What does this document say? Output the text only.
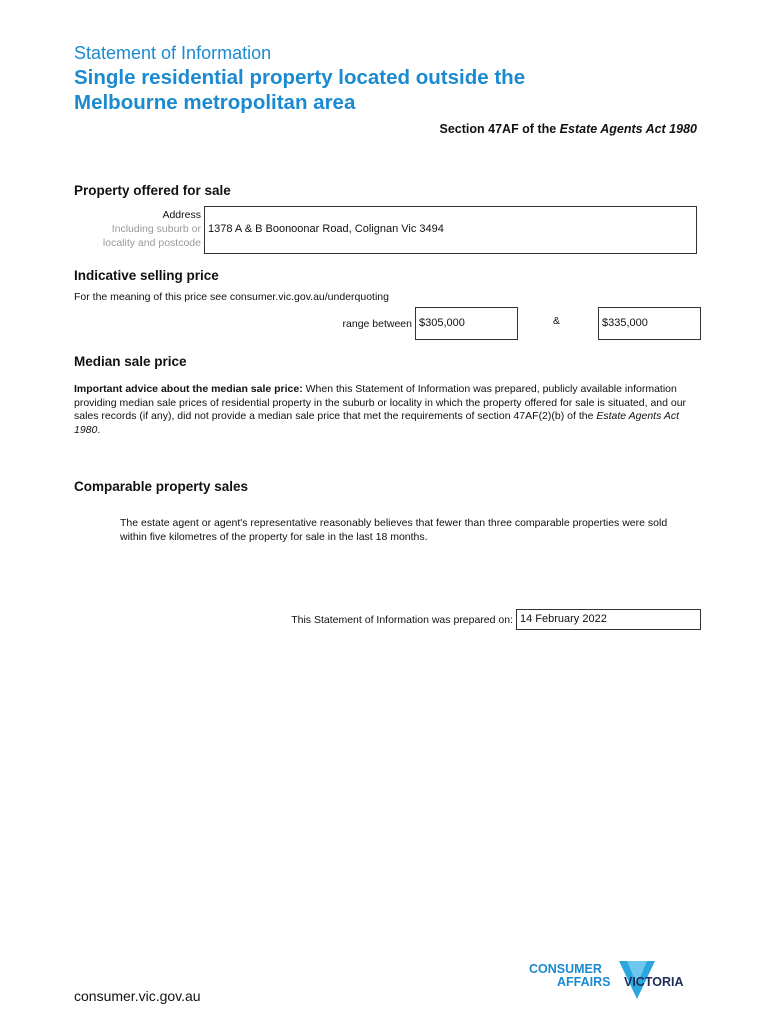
Statement of Information
Single residential property located outside the
Melbourne metropolitan area
Section 47AF of the Estate Agents Act 1980
Property offered for sale
Address
Including suburb or
locality and postcode
1378 A & B Boonoonar Road, Colignan Vic 3494
Indicative selling price
For the meaning of this price see consumer.vic.gov.au/underquoting
range between $305,000	&	$335,000
Median sale price
Important advice about the median sale price: When this Statement of Information was prepared, publicly available information providing median sale prices of residential property in the suburb or locality in which the property offered for sale is situated, and our sales records (if any), did not provide a median sale price that met the requirements of section 47AF(2)(b) of the Estate Agents Act 1980.
Comparable property sales
The estate agent or agent's representative reasonably believes that fewer than three comparable properties were sold within five kilometres of the property for sale in the last 18 months.
This Statement of Information was prepared on: 14 February 2022
consumer.vic.gov.au
CONSUMER
AFFAIRS VICTORIA
